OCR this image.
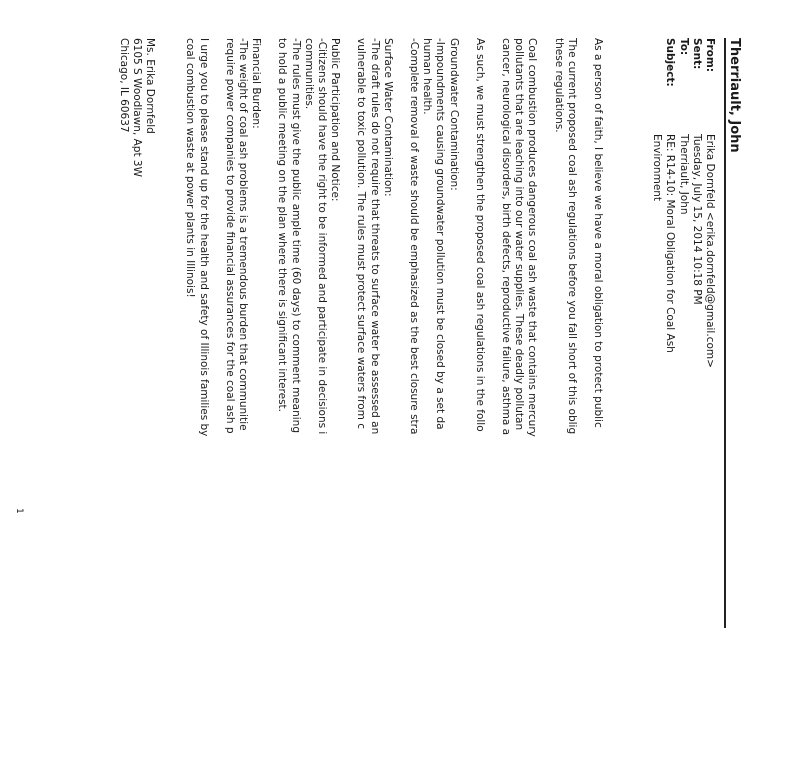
Therriault, John
From:
Erika Dornfeld <erika.dornfeld@gmail.com>
Sent:
Tuesday, July 15, 2014 10:18 PM
To:
Therriault, John
Subject:
RE: R14-10: Moral Obligation for Coal Ash
Environment

As a person of faith, I believe we have a moral obligation to protect public

The current proposed coal ash regulations before you fall short of this oblig

these regulations.

Coal combustion produces dangerous coal ash waste that contains mercury

pollutants that are leaching into our water supplies. These deadly pollutan

cancer, neurological disorders, birth defects, reproductive failure, asthma a

As such, we must strengthen the proposed coal ash regulations in the follo

Groundwater Contamination:

-Impoundments causing groundwater pollution must be closed by a set da

human health.

-Complete removal of waste should be emphasized as the best closure stra

Surface Water Contamination:

-The draft rules do not require that threats to surface water be assessed an

vulnerable to toxic pollution. The rules must protect surface waters from c

Public Participation and Notice:

-Citizens should have the right to be informed and participate in decisions i

communities.

-The rules must give the public ample time (60 days) to comment meaning

to hold a public meeting on the plan where there is significant interest.

Financial Burden:

-The weight of coal ash problems is a tremendous burden that communitie

require power companies to provide financial assurances for the coal ash p

I urge you to please stand up for the health and safety of Illinois families by

coal combustion waste at power plants in Illinois!

Ms. Erika Dornfeld
6105 S Woodlawn, Apt 3W
Chicago, IL 60637
1
